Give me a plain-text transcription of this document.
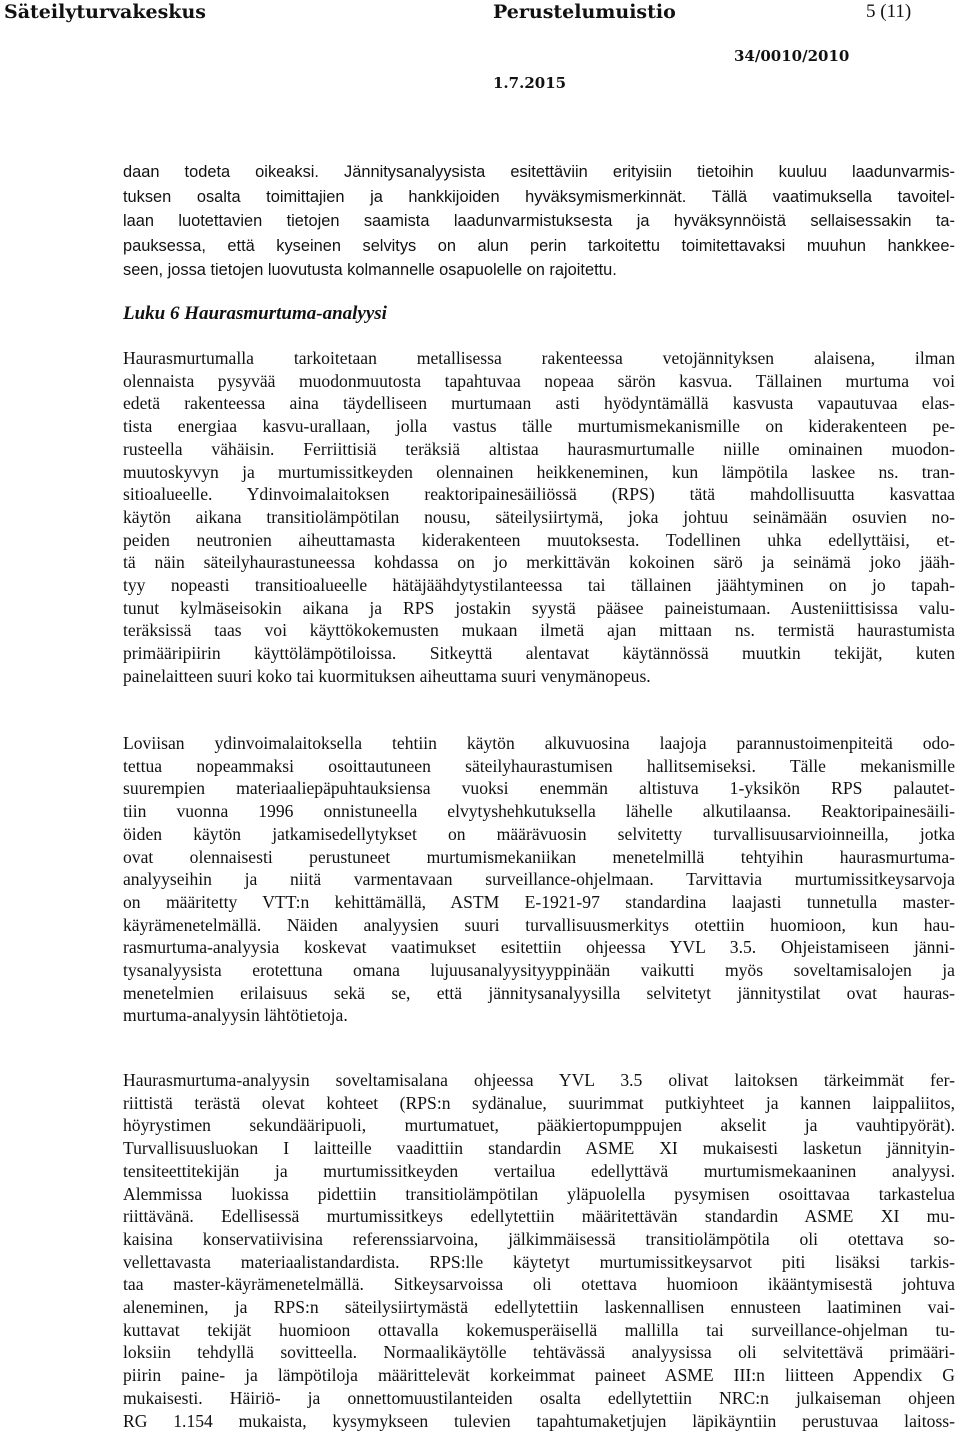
Säteilyturvakeskus	Perustelumuistio	5 (11)
34/0010/2010
1.7.2015
daan todeta oikeaksi. Jännitysanalyysista esitettäviin erityisiin tietoihin kuuluu laadunvarmis-
tuksen osalta toimittajien ja hankkijoiden hyväksymismerkinnät. Tällä vaatimuksella tavoitel-
laan luotettavien tietojen saamista laadunvarmistuksesta ja hyväksynnöistä sellaisessakin ta-
pauksessa, että kyseinen selvitys on alun perin tarkoitettu toimitettavaksi muuhun hankkee-
seen, jossa tietojen luovutusta kolmannelle osapuolelle on rajoitettu.
Luku 6 Haurasmurtuma-analyysi
Haurasmurtumalla tarkoitetaan metallisessa rakenteessa vetojännityksen alaisena, ilman
olennaista pysyvää muodonmuutosta tapahtuvaa nopeaa särön kasvua. Tällainen murtuma voi
edetä rakenteessa aina täydelliseen murtumaan asti hyödyntämällä kasvusta vapautuvaa elas-
tista energiaa kasvu-urallaan, jolla vastus tälle murtumismekanismille on kiderakenteen pe-
rusteella vähäisin. Ferriittisiä teräksiä altistaa haurasmurtumalle niille ominainen muodon-
muutoskyvyn ja murtumissitkeyden olennainen heikkeneminen, kun lämpötila laskee ns. tran-
sitioalueelle. Ydinvoimalaitoksen reaktoripainesäiliössä (RPS) tätä mahdollisuutta kasvattaa
käytön aikana transitiolämpötilan nousu, säteilysiirtymä, joka johtuu seinämään osuvien no-
peiden neutronien aiheuttamasta kiderakenteen muutoksesta. Todellinen uhka edellyttäisi, et-
tä näin säteilyhaurastuneessa kohdassa on jo merkittävän kokoinen särö ja seinämä joko jääh-
tyy nopeasti transitioalueelle hätäjäähdytystilanteessa tai tällainen jäähtyminen on jo tapah-
tunut kylmäseisokin aikana ja RPS jostakin syystä pääsee paineistumaan. Austeniittisissa valu-
teräksissä taas voi käyttökokemusten mukaan ilmetä ajan mittaan ns. termistä haurastumista
primääripiirin käyttölämpötiloissa. Sitkeyttä alentavat käytännössä muutkin tekijät, kuten
painelaitteen suuri koko tai kuormituksen aiheuttama suuri venymänopeus.
Loviisan ydinvoimalaitoksella tehtiin käytön alkuvuosina laajoja parannustoimenpiteitä odo-
tettua nopeammaksi osoittautuneen säteilyhaurastumisen hallitsemiseksi. Tälle mekanismille
suurempien materiaaliepäpuhtauksiensa vuoksi enemmän altistuva 1-yksikön RPS palautet-
tiin vuonna 1996 onnistuneella elvytyshehkutuksella lähelle alkutilaansa. Reaktoripainesäili-
öiden käytön jatkamisedellytykset on määrävuosin selvitetty turvallisuusarvioinneilla, jotka
ovat olennaisesti perustuneet murtumismekaniikan menetelmillä tehtyihin haurasmurtuma-
analyyseihin ja niitä varmentavaan surveillance-ohjelmaan. Tarvittavia murtumissitkeysarvoja
on määritetty VTT:n kehittämällä, ASTM E-1921-97 standardina laajasti tunnetulla master-
käyrämenetelmällä. Näiden analyysien suuri turvallisuusmerkitys otettiin huomioon, kun hau-
rasmurtuma-analyysia koskevat vaatimukset esitettiin ohjeessa YVL 3.5. Ohjeistamiseen jänni-
tysanalyysista erotettuna omana lujuusanalyysityyppinään vaikutti myös soveltamisalojen ja
menetelmien erilaisuus sekä se, että jännitysanalyysilla selvitetyt jännitystilat ovat hauras-
murtuma-analyysin lähtötietoja.
Haurasmurtuma-analyysin soveltamisalana ohjeessa YVL 3.5 olivat laitoksen tärkeimmät fer-
riittistä terästä olevat kohteet (RPS:n sydänalue, suurimmat putkiyhteet ja kannen laippaliitos,
höyrystimen sekundääripuoli, murtumatuet, pääkiertopumppujen akselit ja vauhtipyörät).
Turvallisuusluokan I laitteille vaadittiin standardin ASME XI mukaisesti lasketun jännityin-
tensiteettitekijän ja murtumissitkeyden vertailua edellyttävä murtumismekaaninen analyysi.
Alemmissa luokissa pidettiin transitiolämpötilan yläpuolella pysymisen osoittavaa tarkastelua
riittävänä. Edellisessä murtumissitkeys edellytettiin määritettävän standardin ASME XI mu-
kaisina konservatiivisina referenssiarvoina, jälkimmäisessä transitiolämpötila oli otettava so-
vellettavasta materiaalistandardista. RPS:lle käytetyt murtumissitkeysarvot piti lisäksi tarkis-
taa master-käyrämenetelmällä. Sitkeysarvoissa oli otettava huomioon ikääntymisestä johtuva
aleneminen, ja RPS:n säteilysiirtymästä edellytettiin laskennallisen ennusteen laatiminen vai-
kuttavat tekijät huomioon ottavalla kokemusperäisellä mallilla tai surveillance-ohjelman tu-
loksiin tehdyllä sovitteella. Normaalikäytölle tehtävässä analyysissa oli selvitettävä primääri-
piirin paine- ja lämpötiloja määrittelevät korkeimmat paineet ASME III:n liitteen Appendix G
mukaisesti. Häiriö- ja onnettomuustilanteiden osalta edellytettiin NRC:n julkaiseman ohjeen
RG 1.154 mukaista, kysymykseen tulevien tapahtumaketjujen läpikäyntiin perustuvaa laitoss-
